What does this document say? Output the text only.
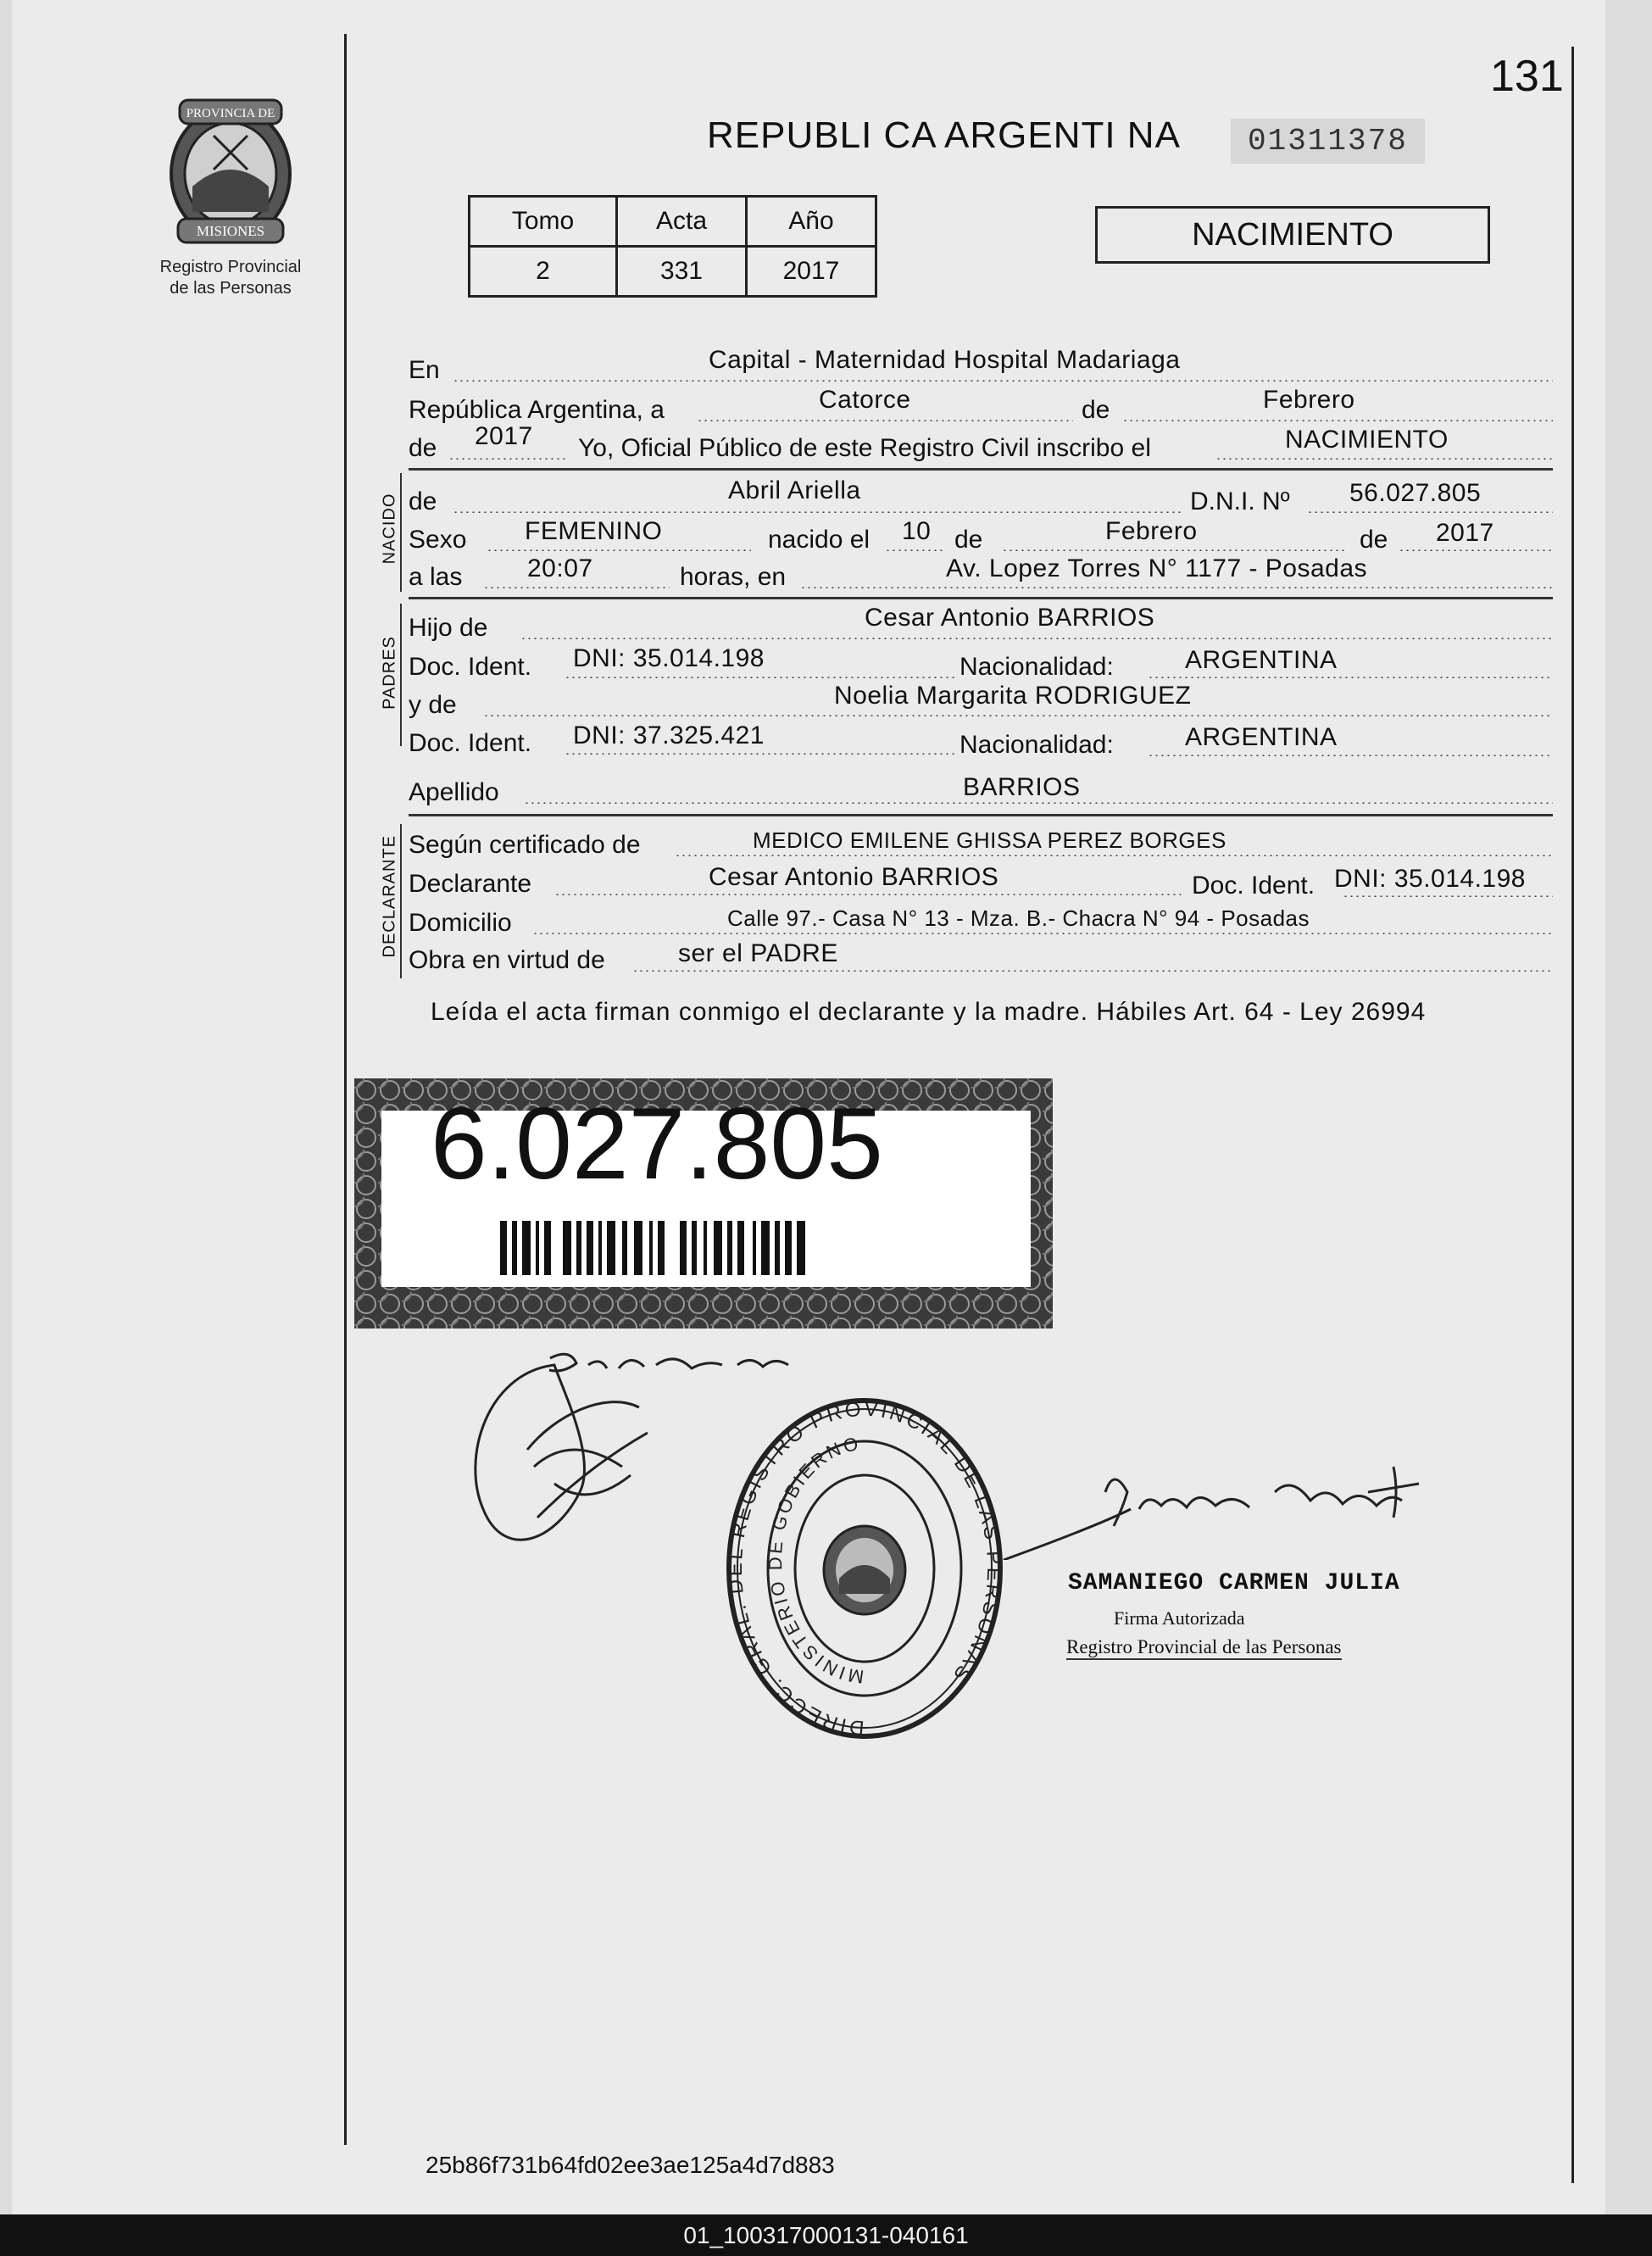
131
PROVINCIA DE
MISIONES
Registro Provincial
de las Personas
REPUBLI CA ARGENTI NA	01311378
Tomo	Acta	Año
2	331	2017
NACIMIENTO
En	Capital - Maternidad Hospital Madariaga
República Argentina, a	Catorce	de	Febrero
de 2017 Yo, Oficial Público de este Registro Civil inscribo el	NACIMIENTO
NACIDO de	Abril Ariella	D.N.I. Nº 56.027.805
Sexo FEMENINO	nacido el 10 de	Febrero	de 2017
a las	20:07	horas, en	Av. Lopez Torres N° 1177 - Posadas
PADRES
Hijo de	Cesar Antonio BARRIOS
Doc. Ident. DNI: 35.014.198	Nacionalidad:	ARGENTINA
y de	Noelia Margarita RODRIGUEZ
Doc. Ident. DNI: 37.325.421	Nacionalidad:	ARGENTINA
Apellido	BARRIOS
DECLARANTE Según certificado de	MEDICO EMILENE GHISSA PEREZ BORGES
Declarante	Cesar Antonio BARRIOS	Doc. Ident. DNI: 35.014.198
Domicilio	Calle 97.- Casa N° 13 - Mza. B.- Chacra N° 94 - Posadas
Obra en virtud de	ser el PADRE
Leída el acta firman conmigo el declarante y la madre. Hábiles Art. 64 - Ley 26994
6.027.805
Barrios Cesar A
DIRECC. GRAL. DEL REGISTRO PROVINCIAL DE LAS PERSONAS
MINISTERIO DE GOBIERNO
SAMANIEGO CARMEN JULIA
Firma Autorizada
Registro Provincial de las Personas
25b86f731b64fd02ee3ae125a4d7d883
01_100317000131-040161
